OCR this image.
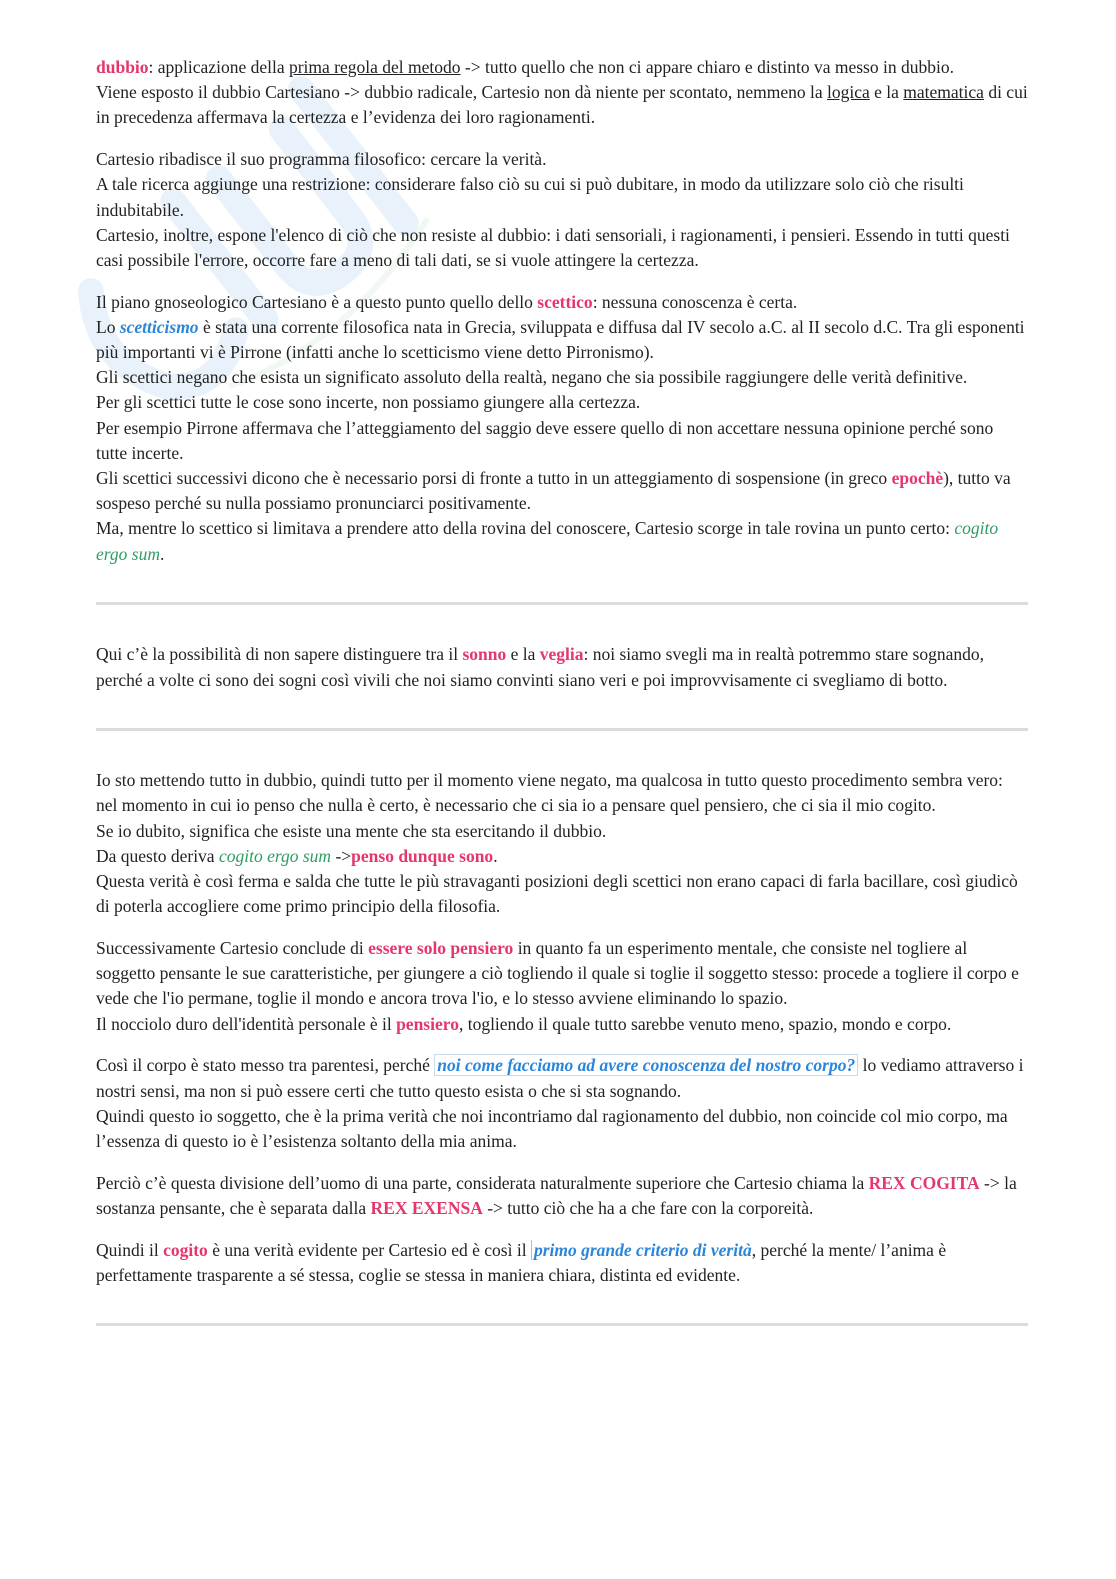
dubbio: applicazione della prima regola del metodo -> tutto quello che non ci appare chiaro e distinto va messo in dubbio.
Viene esposto il dubbio Cartesiano -> dubbio radicale, Cartesio non dà niente per scontato, nemmeno la logica e la matematica di cui in precedenza affermava la certezza e l’evidenza dei loro ragionamenti.
Cartesio ribadisce il suo programma filosofico: cercare la verità.
A tale ricerca aggiunge una restrizione: considerare falso ciò su cui si può dubitare, in modo da utilizzare solo ciò che risulti indubitabile.
Cartesio, inoltre, espone l'elenco di ciò che non resiste al dubbio: i dati sensoriali, i ragionamenti, i pensieri. Essendo in tutti questi casi possibile l'errore, occorre fare a meno di tali dati, se si vuole attingere la certezza.
Il piano gnoseologico Cartesiano è a questo punto quello dello scettico: nessuna conoscenza è certa.
Lo scetticismo è stata una corrente filosofica nata in Grecia, sviluppata e diffusa dal IV secolo a.C. al II secolo d.C. Tra gli esponenti più importanti vi è Pirrone (infatti anche lo scetticismo viene detto Pirronismo).
Gli scettici negano che esista un significato assoluto della realtà, negano che sia possibile raggiungere delle verità definitive.
Per gli scettici tutte le cose sono incerte, non possiamo giungere alla certezza.
Per esempio Pirrone affermava che l’atteggiamento del saggio deve essere quello di non accettare nessuna opinione perché sono tutte incerte.
Gli scettici successivi dicono che è necessario porsi di fronte a tutto in un atteggiamento di sospensione (in greco epochè), tutto va sospeso perché su nulla possiamo pronunciarci positivamente.
Ma, mentre lo scettico si limitava a prendere atto della rovina del conoscere, Cartesio scorge in tale rovina un punto certo: cogito ergo sum.
Qui c’è la possibilità di non sapere distinguere tra il sonno e la veglia: noi siamo svegli ma in realtà potremmo stare sognando, perché a volte ci sono dei sogni così vivili che noi siamo convinti siano veri e poi improvvisamente ci svegliamo di botto.
Io sto mettendo tutto in dubbio, quindi tutto per il momento viene negato, ma qualcosa in tutto questo procedimento sembra vero: nel momento in cui io penso che nulla è certo, è necessario che ci sia io a pensare quel pensiero, che ci sia il mio cogito.
Se io dubito, significa che esiste una mente che sta esercitando il dubbio.
Da questo deriva cogito ergo sum ->penso dunque sono.
Questa verità è così ferma e salda che tutte le più stravaganti posizioni degli scettici non erano capaci di farla bacillare, così giudicò di poterla accogliere come primo principio della filosofia.
Successivamente Cartesio conclude di essere solo pensiero in quanto fa un esperimento mentale, che consiste nel togliere al soggetto pensante le sue caratteristiche, per giungere a ciò togliendo il quale si toglie il soggetto stesso: procede a togliere il corpo e vede che l'io permane, toglie il mondo e ancora trova l'io, e lo stesso avviene eliminando lo spazio.
Il nocciolo duro dell'identità personale è il pensiero, togliendo il quale tutto sarebbe venuto meno, spazio, mondo e corpo.
Così il corpo è stato messo tra parentesi, perché noi come facciamo ad avere conoscenza del nostro corpo? lo vediamo attraverso i nostri sensi, ma non si può essere certi che tutto questo esista o che si sta sognando.
Quindi questo io soggetto, che è la prima verità che noi incontriamo dal ragionamento del dubbio, non coincide col mio corpo, ma l’essenza di questo io è l’esistenza soltanto della mia anima.
Perciò c’è questa divisione dell’uomo di una parte, considerata naturalmente superiore che Cartesio chiama la REX COGITA -> la sostanza pensante, che è separata dalla REX EXENSA -> tutto ciò che ha a che fare con la corporeità.
Quindi il cogito è una verità evidente per Cartesio ed è così il primo grande criterio di verità, perché la mente/ l’anima è perfettamente trasparente a sé stessa, coglie se stessa in maniera chiara, distinta ed evidente.
